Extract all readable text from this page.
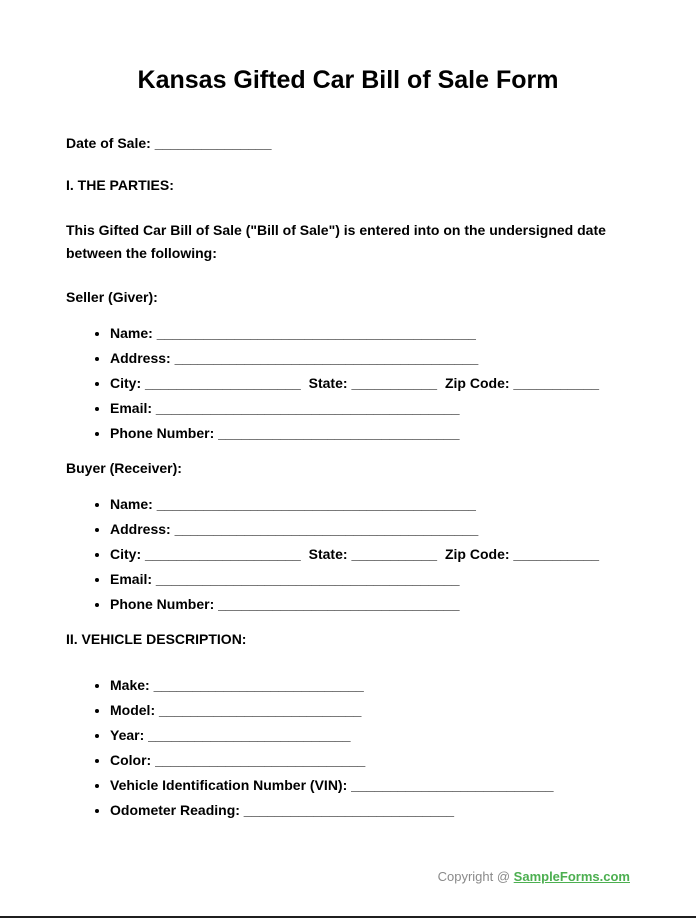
Kansas Gifted Car Bill of Sale Form

Date of Sale: _______________

I. THE PARTIES:

This Gifted Car Bill of Sale ("Bill of Sale") is entered into on the undersigned date between the following:

Seller (Giver):

• Name: _________________________________________
• Address: _______________________________________
• City: ____________________ State: ___________ Zip Code: ___________
• Email: _______________________________________
• Phone Number: _______________________________

Buyer (Receiver):

• Name: _________________________________________
• Address: _______________________________________
• City: ____________________ State: ___________ Zip Code: ___________
• Email: _______________________________________
• Phone Number: _______________________________

II. VEHICLE DESCRIPTION:

• Make: ___________________________
• Model: __________________________
• Year: __________________________
• Color: ___________________________
• Vehicle Identification Number (VIN): __________________________
• Odometer Reading: ___________________________
Copyright @ SampleForms.com
